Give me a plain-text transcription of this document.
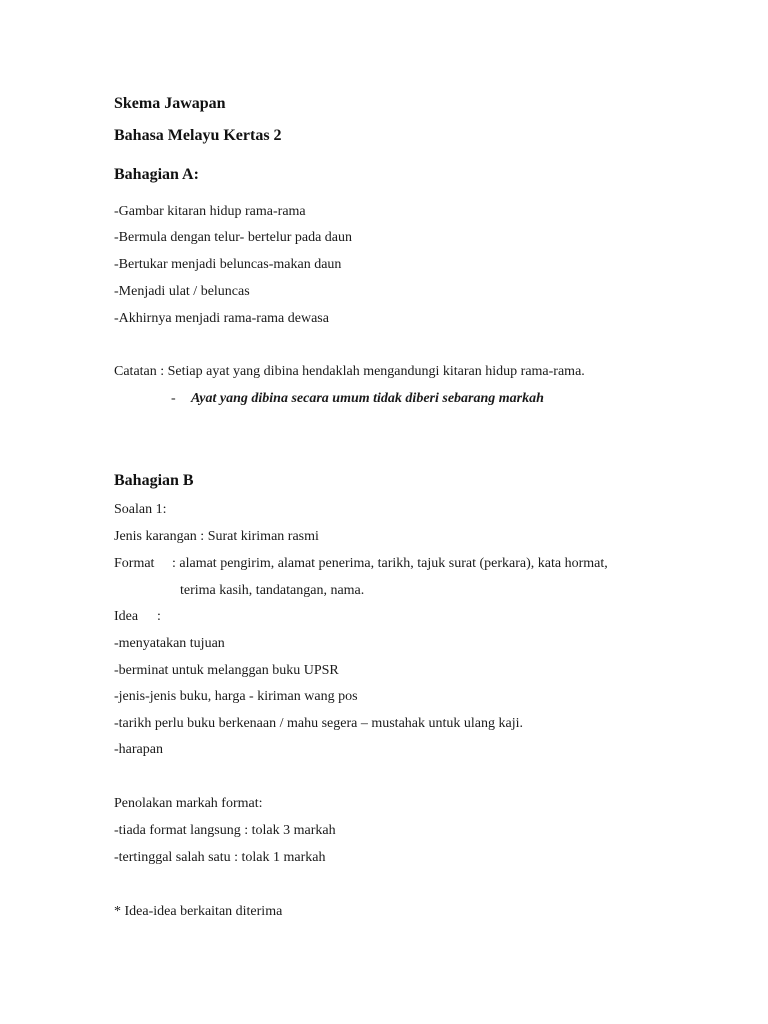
Skema Jawapan
Bahasa Melayu Kertas 2
Bahagian A:
-Gambar kitaran hidup rama-rama
-Bermula dengan telur- bertelur pada daun
-Bertukar menjadi beluncas-makan daun
-Menjadi ulat / beluncas
-Akhirnya menjadi rama-rama dewasa
Catatan : Setiap ayat yang dibina hendaklah mengandungi kitaran hidup rama-rama.
- Ayat yang dibina secara umum tidak diberi sebarang markah
Bahagian B
Soalan 1:
Jenis karangan : Surat kiriman rasmi
Format : alamat pengirim, alamat penerima, tarikh, tajuk surat (perkara), kata hormat,
terima kasih, tandatangan, nama.
Idea :
-menyatakan tujuan
-berminat untuk melanggan buku UPSR
-jenis-jenis buku, harga - kiriman wang pos
-tarikh perlu buku berkenaan / mahu segera – mustahak untuk ulang kaji.
-harapan
Penolakan markah format:
-tiada format langsung : tolak 3 markah
-tertinggal salah satu : tolak 1 markah
* Idea-idea berkaitan diterima
